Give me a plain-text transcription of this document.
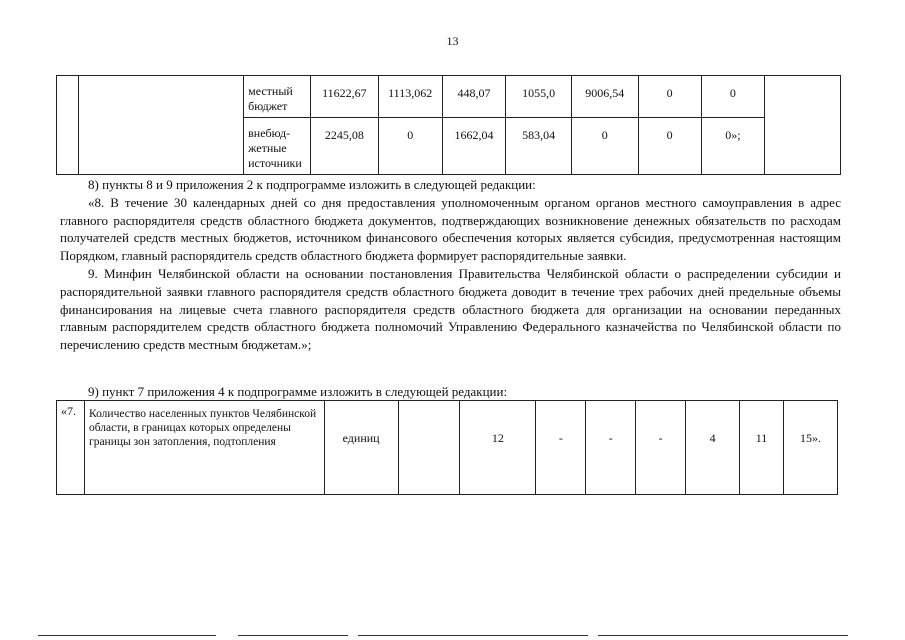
13
		местный бюджет	11622,67	1113,062	448,07	1055,0	9006,54	0	0	
		внебюд-жетные источники	2245,08	0	1662,04	583,04	0	0	0»;	

8) пункты 8 и 9 приложения 2 к подпрограмме изложить в следующей редакции:

«8. В течение 30 календарных дней со дня предоставления уполномоченным органом органов местного самоуправления в адрес главного распорядителя средств областного бюджета документов, подтверждающих возникновение денежных обязательств по расходам получателей средств местных бюджетов, источником финансового обеспечения которых является субсидия, предусмотренная настоящим Порядком, главный распорядитель средств областного бюджета формирует распорядительные заявки.

9. Минфин Челябинской области на основании постановления Правительства Челябинской области о распределении субсидии и распорядительной заявки главного распорядителя средств областного бюджета доводит в течение трех рабочих дней предельные объемы финансирования на лицевые счета главного распорядителя средств областного бюджета для организации на основании переданных главным распорядителем средств областного бюджета полномочий Управлению Федерального казначейства по Челябинской области по перечислению средств местным бюджетам.»;

9) пункт 7 приложения 4 к подпрограмме изложить в следующей редакции:

«7.	Количество населенных пунктов Челябинской области, в границах которых определены границы зон затопления, подтопления	единиц		12	-	-	-	4	11	15».
